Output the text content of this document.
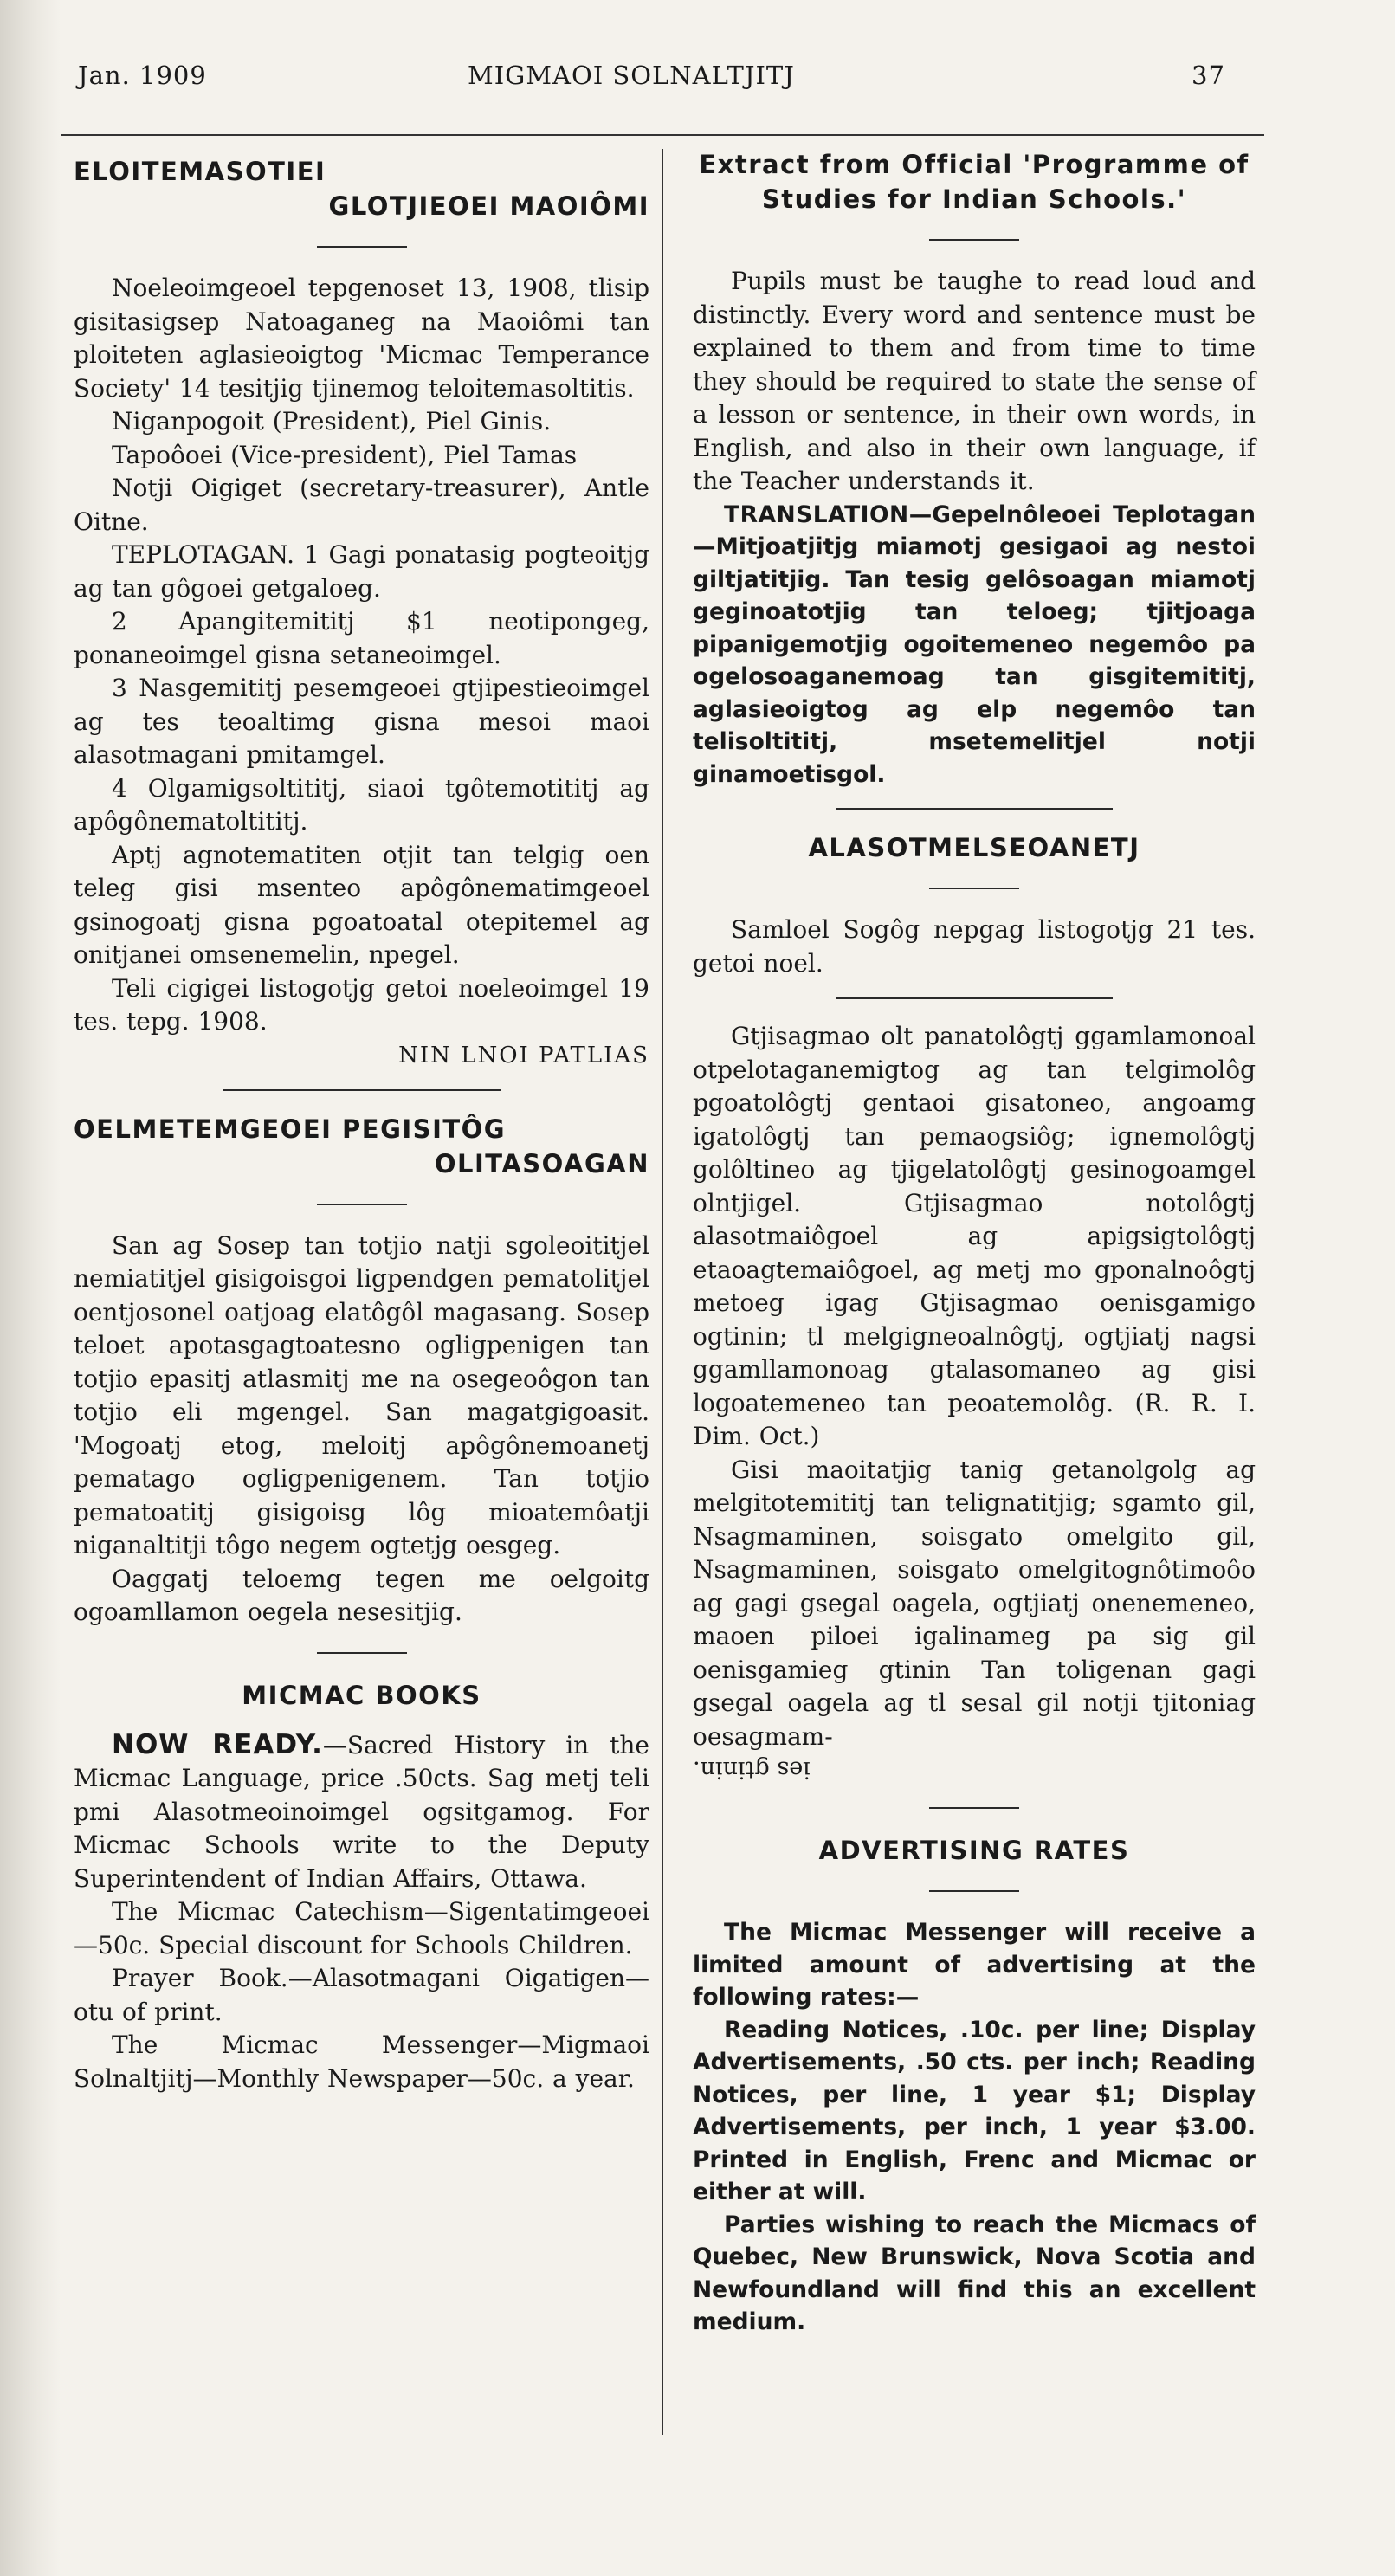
Jan. 1909	MIGMAOI SOLNALTJITJ	37
ELOITEMASOTIEI
GLOTJIEOEI MAOIÔMI

Noeleoimgeoel tepgenoset 13, 1908, tlisip gisitasigsep Natoaganeg na Maoiômi tan ploiteten aglasieoigtog 'Micmac Temperance Society' 14 tesitjig tjinemog teloitemasoltitis.

Niganpogoit (President), Piel Ginis.

Tapoôoei (Vice-president), Piel Tamas

Notji Oigiget (secretary-treasurer), Antle Oitne.

TEPLOTAGAN. 1 Gagi ponatasig pogteoitjg ag tan gôgoei getgaloeg.

2 Apangitemititj $1 neotipongeg, ponaneoimgel gisna setaneoimgel.

3 Nasgemititj pesemgeoei gtjipestieoimgel ag tes teoaltimg gisna mesoi maoi alasotmagani pmitamgel.

4 Olgamigsoltititj, siaoi tgôtemotititj ag apôgônematoltititj.

Aptj agnotematiten otjit tan telgig oen teleg gisi msenteo apôgônematimgeoel gsinogoatj gisna pgoatoatal otepitemel ag onitjanei omsenemelin, npegel.

Teli cigigei listogotjg getoi noeleoimgel 19 tes. tepg. 1908.

NIN LNOI PATLIAS

OELMETEMGEOEI PEGISITÔG
OLITASOAGAN

San ag Sosep tan totjio natji sgoleoititjel nemiatitjel gisigoisgoi ligpendgen pematolitjel oentjosonel oatjoag elatôgôl magasang. Sosep teloet apotasgagtoatesno ogligpenigen tan totjio epasitj atlasmitj me na osegeoôgon tan totjio eli mgengel. San magatgigoasit. 'Mogoatj etog, meloitj apôgônemoanetj pematago ogligpenigenem. Tan totjio pematoatitj gisigoisg lôg mioatemôatji niganaltitji tôgo negem ogtetjg oesgeg.

Oaggatj teloemg tegen me oelgoitg ogoamllamon oegela nesesitjig.

MICMAC BOOKS

NOW READY.—Sacred History in the Micmac Language, price .50cts. Sag metj teli pmi Alasotmeoinoimgel ogsitgamog. For Micmac Schools write to the Deputy Superintendent of Indian Affairs, Ottawa.

The Micmac Catechism—Sigentatimgeoei—50c. Special discount for Schools Children.

Prayer Book.—Alasotmagani Oigatigen—otu of print.

The Micmac Messenger—Migmaoi Solnaltjitj—Monthly Newspaper—50c. a year.

Extract from Official 'Programme of Studies for Indian Schools.'

Pupils must be taughe to read loud and distinctly. Every word and sentence must be explained to them and from time to time they should be required to state the sense of a lesson or sentence, in their own words, in English, and also in their own language, if the Teacher understands it.

TRANSLATION—Gepelnôleoei Teplotagan—Mitjoatjitjg miamotj gesigaoi ag nestoi giltjatitjig. Tan tesig gelôsoagan miamotj geginoatotjig tan teloeg; tjitjoaga pipanigemotjig ogoitemeneo negemôo pa ogelosoaganemoag tan gisgitemititj, aglasieoigtog ag elp negemôo tan telisoltititj, msetemelitjel notji ginamoetisgol.

ALASOTMELSEOANETJ

Samloel Sogôg nepgag listogotjg 21 tes. getoi noel.

Gtjisagmao olt panatolôgtj ggamlamonoal otpelotaganemigtog ag tan telgimolôg pgoatolôgtj gentaoi gisatoneo, angoamg igatolôgtj tan pemaogsiôg; ignemolôgtj golôltineo ag tjigelatolôgtj gesinogoamgel olntjigel. Gtjisagmao notolôgtj alasotmaiôgoel ag apigsigtolôgtj etaoagtemaiôgoel, ag metj mo gponalnoôgtj metoeg igag Gtjisagmao oenisgamigo ogtinin; tl melgigneoalnôgtj, ogtjiatj nagsi ggamllamonoag gtalasomaneo ag gisi logoatemeneo tan peoatemolôg. (R. R. I. Dim. Oct.)

Gisi maoitatjig tanig getanolgolg ag melgitotemititj tan telignatitjig; sgamto gil, Nsagmaminen, soisgato omelgito gil, Nsagmaminen, soisgato omelgitognôtimoôo ag gagi gsegal oagela, ogtjiatj onenemeneo, maoen piloei igalinameg pa sig gil oenisgamieg gtinin Tan toligenan gagi gsegal oagela ag tl sesal gil notji tjitoniag oesagmam-

ies gtinin.
ADVERTISING RATES

The Micmac Messenger will receive a limited amount of advertising at the following rates:—

Reading Notices, .10c. per line; Display Advertisements, .50 cts. per inch; Reading Notices, per line, 1 year $1; Display Advertisements, per inch, 1 year $3.00. Printed in English, Frenc and Micmac or either at will.

Parties wishing to reach the Micmacs of Quebec, New Brunswick, Nova Scotia and Newfoundland will find this an excellent medium.
